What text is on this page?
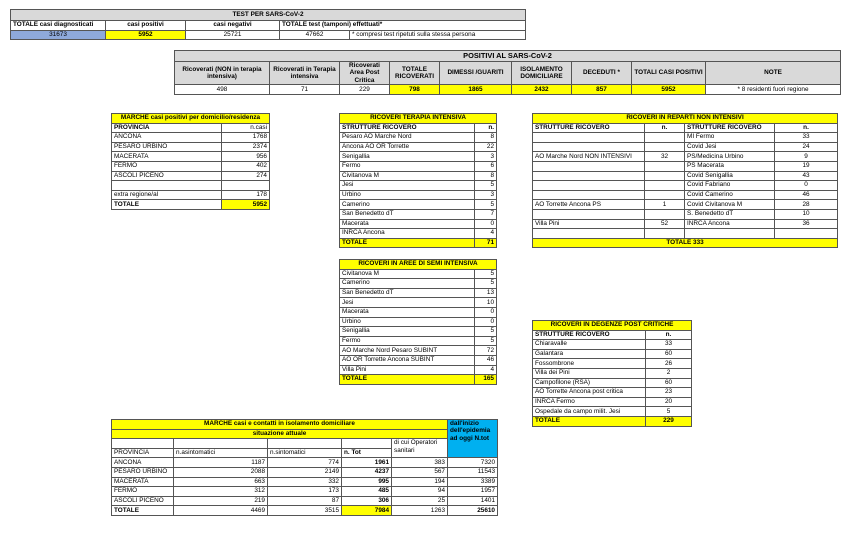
TEST PER SARS-CoV-2				
TOTALE casi diagnosticati	casi positivi	casi negativi	TOTALE test (tamponi) effettuati*	
31673	5952	25721	47662	* compresi test ripetuti sulla stessa persona
POSITIVI AL SARS-CoV-2								
Ricoverati (NON in terapia intensiva)	Ricoverati in Terapia intensiva	Ricoverati Area Post Critica	TOTALE RICOVERATI	DIMESSI /GUARITI	ISOLAMENTO DOMICILIARE	DECEDUTI *	TOTALI CASI POSITIVI	NOTE
498	71	229	798	1865	2432	857	5952	* 8 residenti fuori regione
MARCHE casi positivi per domicilio/residenza	
PROVINCIA	n.casi
ANCONA	1768
PESARO URBINO	2374
MACERATA	956
FERMO	402
ASCOLI PICENO	274

extra regione/al	178
TOTALE	5952
RICOVERI TERAPIA INTENSIVA	
STRUTTURE RICOVERO	n.
Pesaro AO Marche Nord	8
Ancona AO OR Torrette	22
Senigallia	3
Fermo	6
Civitanova M	8
Jesi	5
Urbino	3
Camerino	5
San Benedetto dT	7
Macerata	0
INRCA Ancona	4
TOTALE	71
RICOVERI IN AREE DI SEMI INTENSIVA	
Civitanova M	5
Camerino	5
San Benedetto dT	13
Jesi	10
Macerata	0
Urbino	0
Senigallia	5
Fermo	5
AO Marche Nord Pesaro SUBINT	72
AO OR Torrette Ancona SUBINT	46
Villa Pini	4
TOTALE	165
RICOVERI IN REPARTI NON INTENSIVI			
STRUTTURE RICOVERO	n.	STRUTTURE RICOVERO	n.
		MI Fermo	33
		Covid Jesi	24
AO Marche Nord NON INTENSIVI	32	PS/Medicina Urbino	9
		PS Macerata	19
		Covid Senigallia	43
		Covid Fabriano	0
		Covid Camerino	46
AO Torrette Ancona PS	1	Covid Civitanova M	28
		S. Benedetto dT	10
Villa Pini	52	INRCA Ancona	36

TOTALE 333			
RICOVERI IN DEGENZE POST CRITICHE	
STRUTTURE RICOVERO	n.
Chiaravalle	33
Galantara	60
Fossombrone	26
Villa dei Pini	2
Campofilone (RSA)	60
AO Torrette Ancona post critica	23
INRCA Fermo	20
Ospedale da campo milit. Jesi	5
TOTALE	229
MARCHE casi e contatti in isolamento domiciliare					dall'inizio dell'epidemia ad oggi N.tot
situazione attuale					
				di cui Operatori sanitari	
PROVINCIA	n.asintomatici	n.sintomatici	n. Tot		
ANCONA	1187	774	1961	383	7320
PESARO URBINO	2088	2149	4237	567	11543
MACERATA	663	332	995	194	3389
FERMO	312	173	485	94	1957
ASCOLI PICENO	219	87	306	25	1401
TOTALE	4469	3515	7984	1263	25610
